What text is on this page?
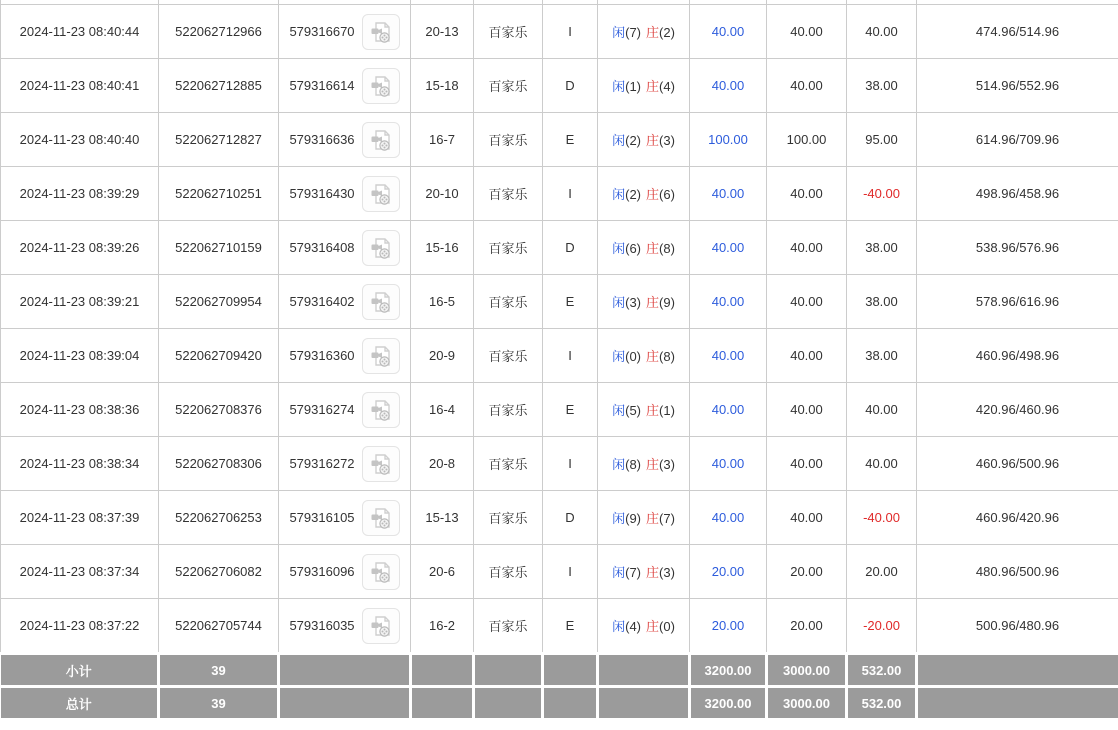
2024-11-23 08:40:44	522062712966	579316670	20-13	百家乐	I	闲(7) 庄(2)	40.00	40.00	40.00	474.96/514.96
2024-11-23 08:40:41	522062712885	579316614	15-18	百家乐	D	闲(1) 庄(4)	40.00	40.00	38.00	514.96/552.96
2024-11-23 08:40:40	522062712827	579316636	16-7	百家乐	E	闲(2) 庄(3)	100.00	100.00	95.00	614.96/709.96
2024-11-23 08:39:29	522062710251	579316430	20-10	百家乐	I	闲(2) 庄(6)	40.00	40.00	-40.00	498.96/458.96
2024-11-23 08:39:26	522062710159	579316408	15-16	百家乐	D	闲(6) 庄(8)	40.00	40.00	38.00	538.96/576.96
2024-11-23 08:39:21	522062709954	579316402	16-5	百家乐	E	闲(3) 庄(9)	40.00	40.00	38.00	578.96/616.96
2024-11-23 08:39:04	522062709420	579316360	20-9	百家乐	I	闲(0) 庄(8)	40.00	40.00	38.00	460.96/498.96
2024-11-23 08:38:36	522062708376	579316274	16-4	百家乐	E	闲(5) 庄(1)	40.00	40.00	40.00	420.96/460.96
2024-11-23 08:38:34	522062708306	579316272	20-8	百家乐	I	闲(8) 庄(3)	40.00	40.00	40.00	460.96/500.96
2024-11-23 08:37:39	522062706253	579316105	15-13	百家乐	D	闲(9) 庄(7)	40.00	40.00	-40.00	460.96/420.96
2024-11-23 08:37:34	522062706082	579316096	20-6	百家乐	I	闲(7) 庄(3)	20.00	20.00	20.00	480.96/500.96
2024-11-23 08:37:22	522062705744	579316035	16-2	百家乐	E	闲(4) 庄(0)	20.00	20.00	-20.00	500.96/480.96
小计	39						3200.00	3000.00	532.00	
总计	39						3200.00	3000.00	532.00	
